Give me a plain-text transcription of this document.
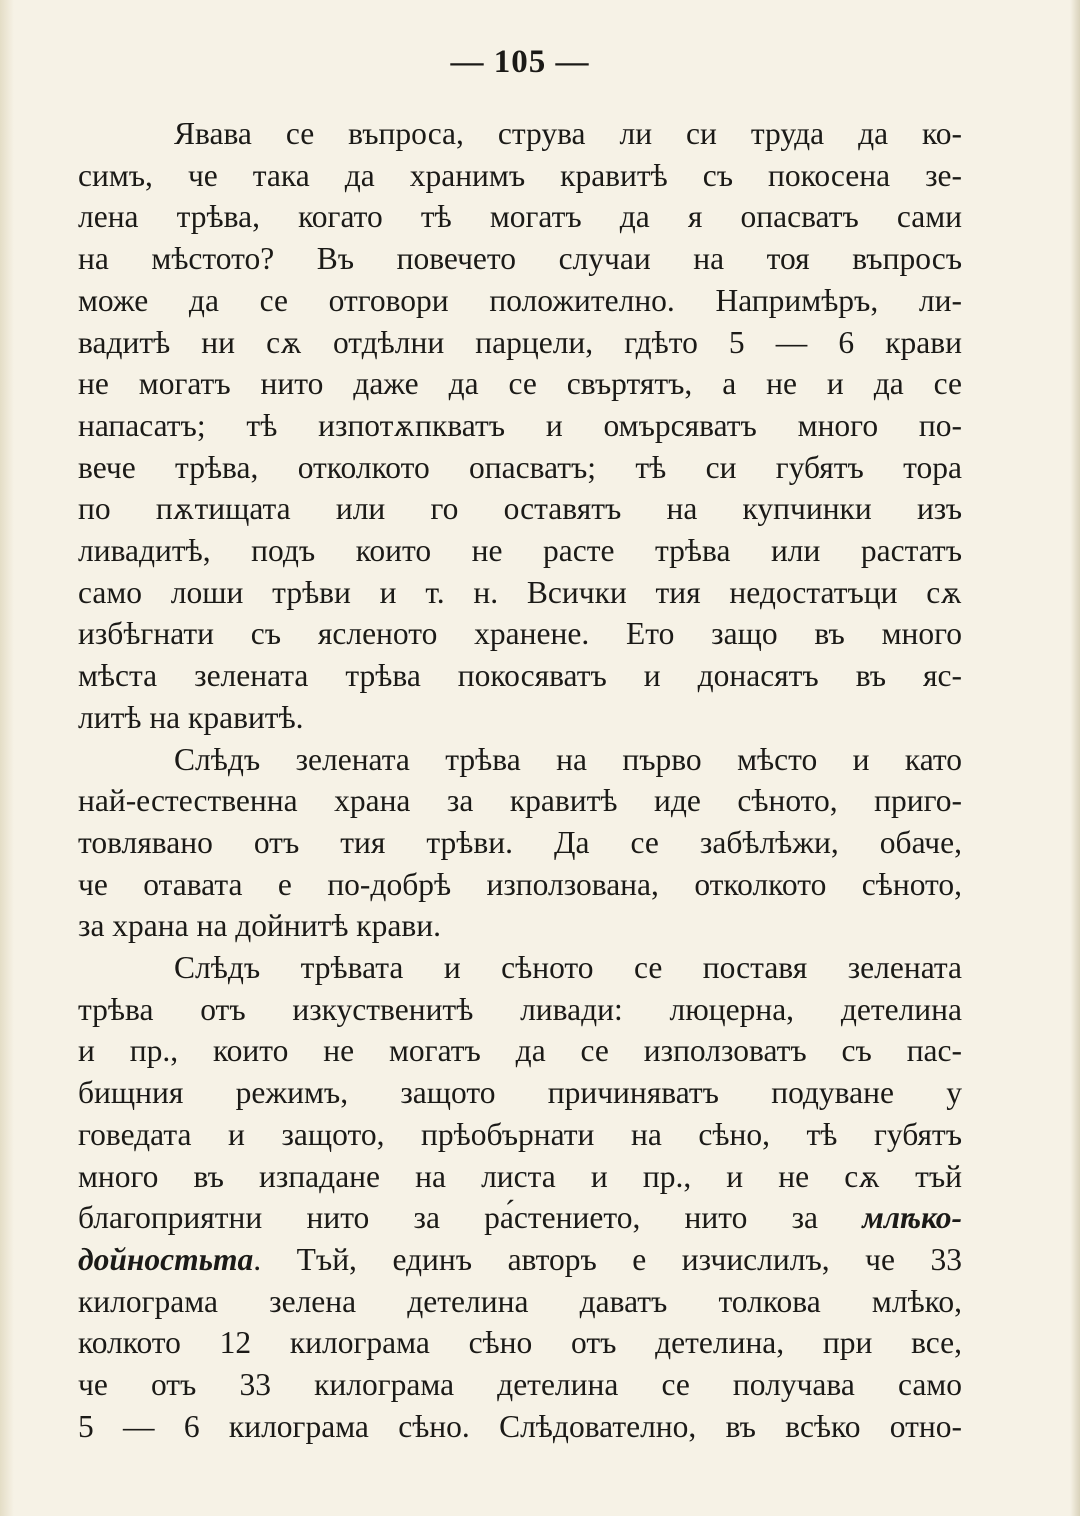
— 105 —
Явава се въпроса, струва ли си труда да ко-
симъ, че така да хранимъ кравитѣ съ покосена зе-
лена трѣва, когато тѣ могатъ да я опасватъ сами
на мѣстото? Въ повечето случаи на тоя въпросъ
може да се отговори положително. Напримѣръ, ли-
вадитѣ ни сѫ отдѣлни парцели, гдѣто 5 — 6 крави
не могатъ нито даже да се свъртятъ, а не и да се
напасатъ; тѣ изпотѫпкватъ и омърсяватъ много по-
вече трѣва, отколкото опасватъ; тѣ си губятъ тора
по пѫтищата или го оставятъ на купчинки изъ
ливадитѣ, подъ които не расте трѣва или растатъ
само лоши трѣви и т. н. Всички тия недостатъци сѫ
избѣгнати съ ясленото хранене. Ето защо въ много
мѣста зелената трѣва покосяватъ и донасятъ въ яс-
литѣ на кравитѣ.
Слѣдъ зелената трѣва на първо мѣсто и като
най-естественна храна за кравитѣ иде сѣното, приго-
товлявано отъ тия трѣви. Да се забѣлѣжи, обаче,
че отавата е по-добрѣ използована, отколкото сѣното,
за храна на дойнитѣ крави.
Слѣдъ трѣвата и сѣното се поставя зелената
трѣва отъ изкуственитѣ ливади: люцерна, детелина
и пр., които не могатъ да се използоватъ съ пас-
бищния режимъ, защото причиняватъ подуване у
говедата и защото, прѣобърнати на сѣно, тѣ губятъ
много въ изпадане на листа и пр., и не сѫ тъй
благоприятни нито за ра́стението, нито за млѣко-
дойностьта. Тъй, единъ авторъ е изчислилъ, че 33
килограма зелена детелина даватъ толкова млѣко,
колкото 12 килограма сѣно отъ детелина, при все,
че отъ 33 килограма детелина се получава само
5 — 6 килограма сѣно. Слѣдователно, въ всѣко отно-
